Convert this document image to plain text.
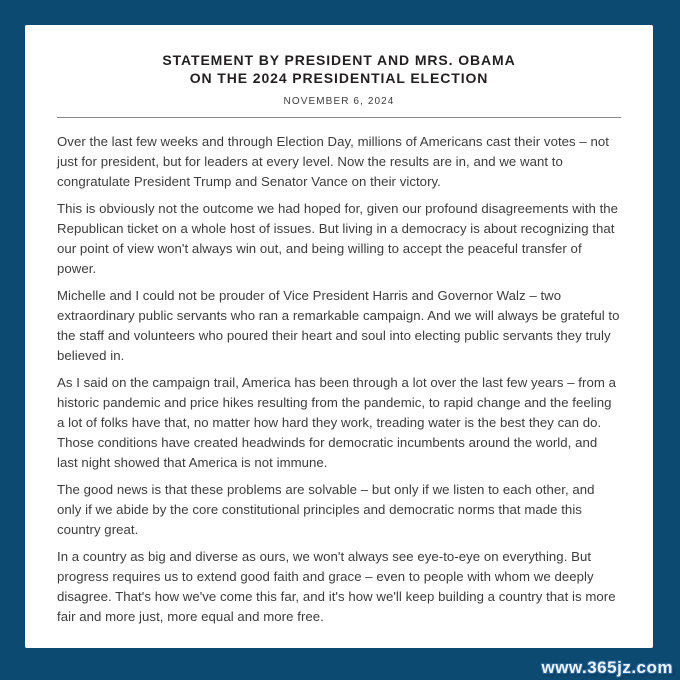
STATEMENT BY PRESIDENT AND MRS. OBAMA
ON THE 2024 PRESIDENTIAL ELECTION
NOVEMBER 6, 2024

Over the last few weeks and through Election Day, millions of Americans cast their votes – not just for president, but for leaders at every level. Now the results are in, and we want to congratulate President Trump and Senator Vance on their victory.

This is obviously not the outcome we had hoped for, given our profound disagreements with the Republican ticket on a whole host of issues. But living in a democracy is about recognizing that our point of view won't always win out, and being willing to accept the peaceful transfer of power.

Michelle and I could not be prouder of Vice President Harris and Governor Walz – two extraordinary public servants who ran a remarkable campaign. And we will always be grateful to the staff and volunteers who poured their heart and soul into electing public servants they truly believed in.

As I said on the campaign trail, America has been through a lot over the last few years – from a historic pandemic and price hikes resulting from the pandemic, to rapid change and the feeling a lot of folks have that, no matter how hard they work, treading water is the best they can do. Those conditions have created headwinds for democratic incumbents around the world, and last night showed that America is not immune.

The good news is that these problems are solvable – but only if we listen to each other, and only if we abide by the core constitutional principles and democratic norms that made this country great.

In a country as big and diverse as ours, we won't always see eye-to-eye on everything. But progress requires us to extend good faith and grace – even to people with whom we deeply disagree. That's how we've come this far, and it's how we'll keep building a country that is more fair and more just, more equal and more free.

www.365jz.com
